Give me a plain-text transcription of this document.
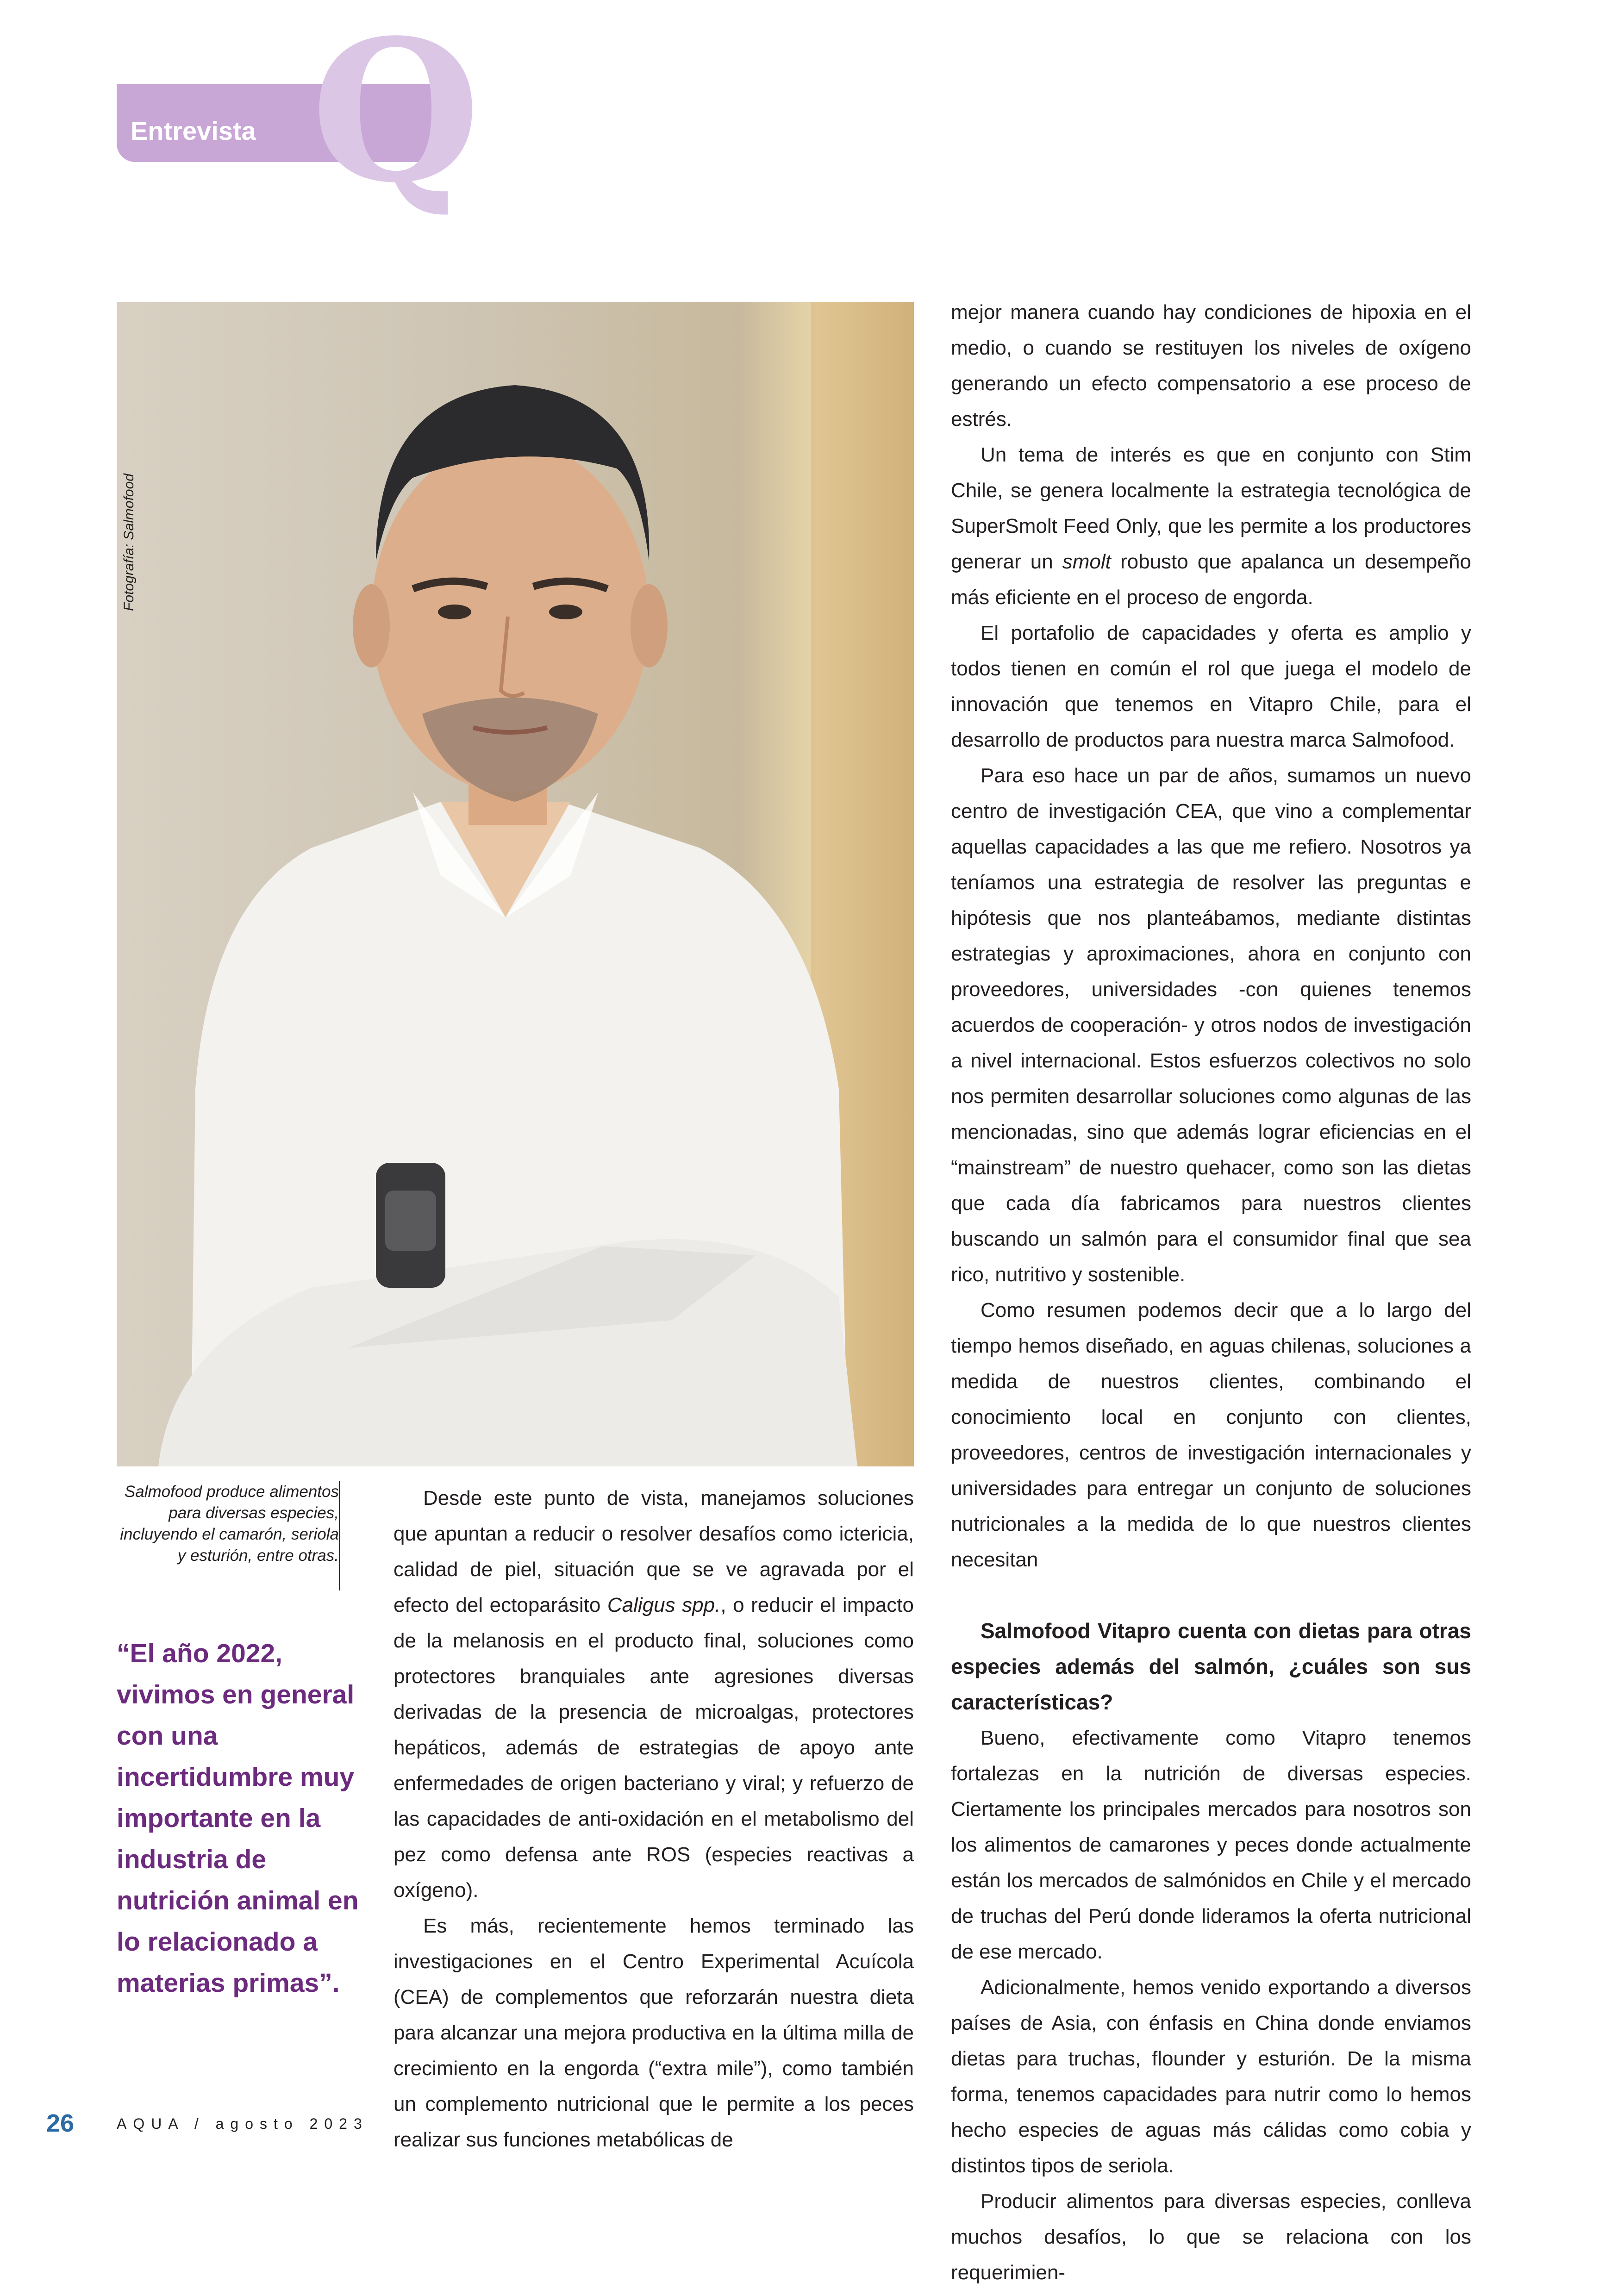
Q
Entrevista
Fotografía: Salmofood
Salmofood produce alimentos para diversas especies, incluyendo el camarón, seriola y esturión, entre otras.
“El año 2022, vivimos en general con una incertidumbre muy importante en la industria de nutrición animal en lo relacionado a materias primas”.

Desde este punto de vista, manejamos soluciones que apuntan a reducir o resolver desafíos como ictericia, calidad de piel, situación que se ve agravada por el efecto del ectoparásito Caligus spp., o reducir el impacto de la melanosis en el producto final, soluciones como protectores branquiales ante agresiones diversas derivadas de la presencia de microalgas, protectores hepáticos, además de estrategias de apoyo ante enfermedades de origen bacteriano y viral; y refuerzo de las capacidades de anti-oxidación en el metabolismo del pez como defensa ante ROS (especies reactivas a oxígeno).

Es más, recientemente hemos terminado las investigaciones en el Centro Experimental Acuícola (CEA) de complementos que reforzarán nuestra dieta para alcanzar una mejora productiva en la última milla de crecimiento en la engorda (“extra mile”), como también un complemento nutricional que le permite a los peces realizar sus funciones metabólicas de

mejor manera cuando hay condiciones de hipoxia en el medio, o cuando se restituyen los niveles de oxígeno generando un efecto compensatorio a ese proceso de estrés.

Un tema de interés es que en conjunto con Stim Chile, se genera localmente la estrategia tecnológica de SuperSmolt Feed Only, que les permite a los productores generar un smolt robusto que apalanca un desempeño más eficiente en el proceso de engorda.

El portafolio de capacidades y oferta es amplio y todos tienen en común el rol que juega el modelo de innovación que tenemos en Vitapro Chile, para el desarrollo de productos para nuestra marca Salmofood.

Para eso hace un par de años, sumamos un nuevo centro de investigación CEA, que vino a complementar aquellas capacidades a las que me refiero. Nosotros ya teníamos una estrategia de resolver las preguntas e hipótesis que nos planteábamos, mediante distintas estrategias y aproximaciones, ahora en conjunto con proveedores, universidades -con quienes tenemos acuerdos de cooperación- y otros nodos de investigación a nivel internacional. Estos esfuerzos colectivos no solo nos permiten desarrollar soluciones como algunas de las mencionadas, sino que además lograr eficiencias en el “mainstream” de nuestro quehacer, como son las dietas que cada día fabricamos para nuestros clientes buscando un salmón para el consumidor final que sea rico, nutritivo y sostenible.

Como resumen podemos decir que a lo largo del tiempo hemos diseñado, en aguas chilenas, soluciones a medida de nuestros clientes, combinando el conocimiento local en conjunto con clientes, proveedores, centros de investigación internacionales y universidades para entregar un conjunto de soluciones nutricionales a la medida de lo que nuestros clientes necesitan

Salmofood Vitapro cuenta con dietas para otras especies además del salmón, ¿cuáles son sus características?

Bueno, efectivamente como Vitapro tenemos fortalezas en la nutrición de diversas especies. Ciertamente los principales mercados para nosotros son los alimentos de camarones y peces donde actualmente están los mercados de salmónidos en Chile y el mercado de truchas del Perú donde lideramos la oferta nutricional de ese mercado.

Adicionalmente, hemos venido exportando a diversos países de Asia, con énfasis en China donde enviamos dietas para truchas, flounder y esturión. De la misma forma, tenemos capacidades para nutrir como lo hemos hecho especies de aguas más cálidas como cobia y distintos tipos de seriola.

Producir alimentos para diversas especies, conlleva muchos desafíos, lo que se relaciona con los requerimien-

26	AQUA / agosto 2023
